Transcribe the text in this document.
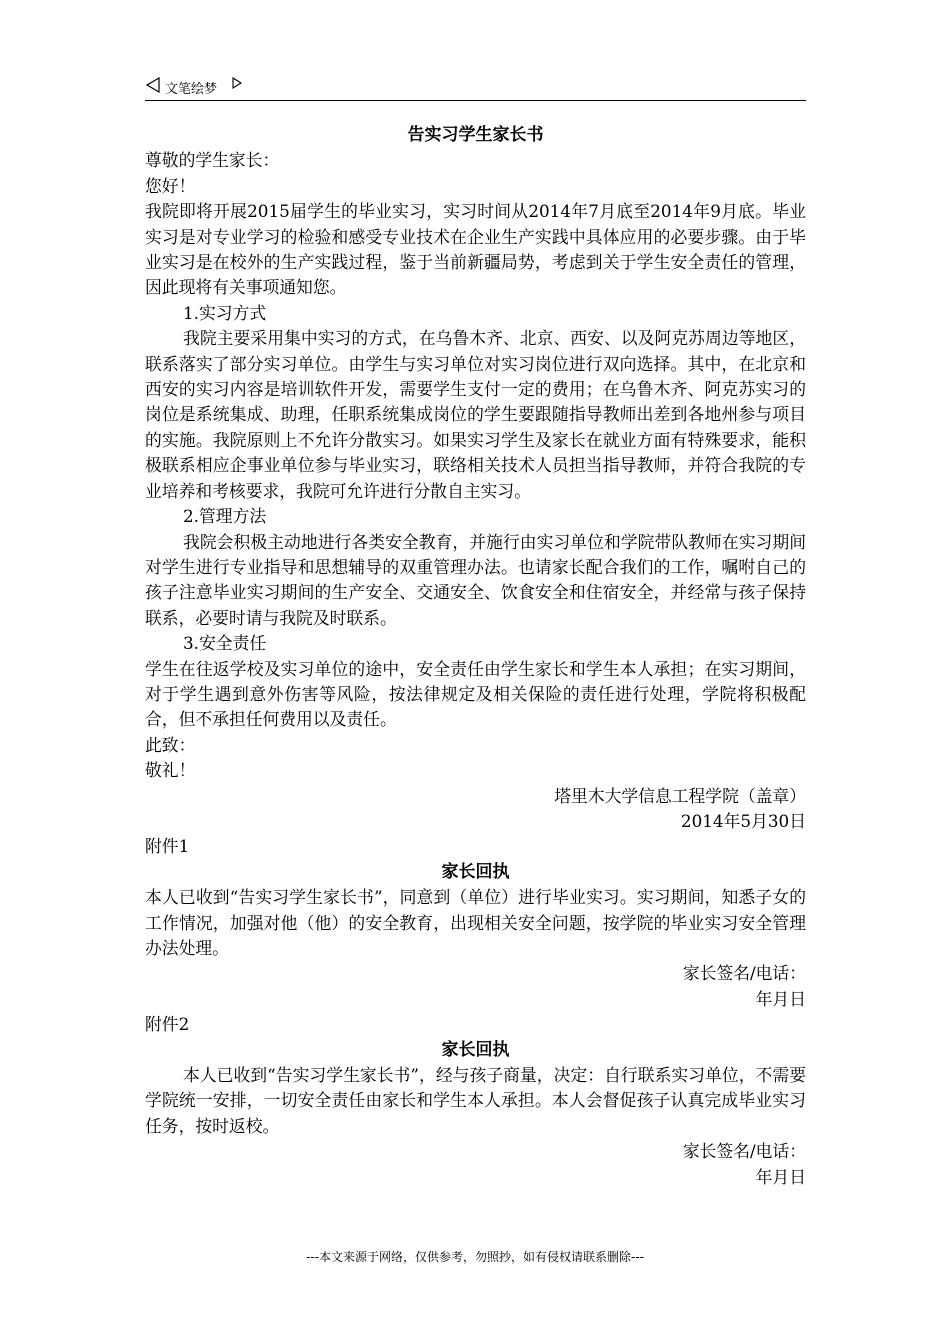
文笔绘梦

告实习学生家长书

尊敬的学生家长：

您好！

我院即将开展2015届学生的毕业实习，实习时间从2014年7月底至2014年9月底。毕业实习是对专业学习的检验和感受专业技术在企业生产实践中具体应用的必要步骤。由于毕业实习是在校外的生产实践过程，鉴于当前新疆局势，考虑到关于学生安全责任的管理，因此现将有关事项通知您。

1.实习方式

我院主要采用集中实习的方式，在乌鲁木齐、北京、西安、以及阿克苏周边等地区，联系落实了部分实习单位。由学生与实习单位对实习岗位进行双向选择。其中，在北京和西安的实习内容是培训软件开发，需要学生支付一定的费用；在乌鲁木齐、阿克苏实习的岗位是系统集成、助理，任职系统集成岗位的学生要跟随指导教师出差到各地州参与项目的实施。我院原则上不允许分散实习。如果实习学生及家长在就业方面有特殊要求，能积极联系相应企事业单位参与毕业实习，联络相关技术人员担当指导教师，并符合我院的专业培养和考核要求，我院可允许进行分散自主实习。

2.管理方法

我院会积极主动地进行各类安全教育，并施行由实习单位和学院带队教师在实习期间对学生进行专业指导和思想辅导的双重管理办法。也请家长配合我们的工作，嘱咐自己的孩子注意毕业实习期间的生产安全、交通安全、饮食安全和住宿安全，并经常与孩子保持联系，必要时请与我院及时联系。

3.安全责任

学生在往返学校及实习单位的途中，安全责任由学生家长和学生本人承担；在实习期间，对于学生遇到意外伤害等风险，按法律规定及相关保险的责任进行处理，学院将积极配合，但不承担任何费用以及责任。

此致：

敬礼！

塔里木大学信息工程学院（盖章）

2014年5月30日

附件1

家长回执

本人已收到“告实习学生家长书”，同意到（单位）进行毕业实习。实习期间，知悉子女的工作情况，加强对他（他）的安全教育，出现相关安全问题，按学院的毕业实习安全管理办法处理。

家长签名/电话：

年月日

附件2

家长回执

本人已收到“告实习学生家长书”，经与孩子商量，决定：自行联系实习单位，不需要学院统一安排，一切安全责任由家长和学生本人承担。本人会督促孩子认真完成毕业实习任务，按时返校。

家长签名/电话：

年月日

---本文来源于网络，仅供参考，勿照抄，如有侵权请联系删除---
